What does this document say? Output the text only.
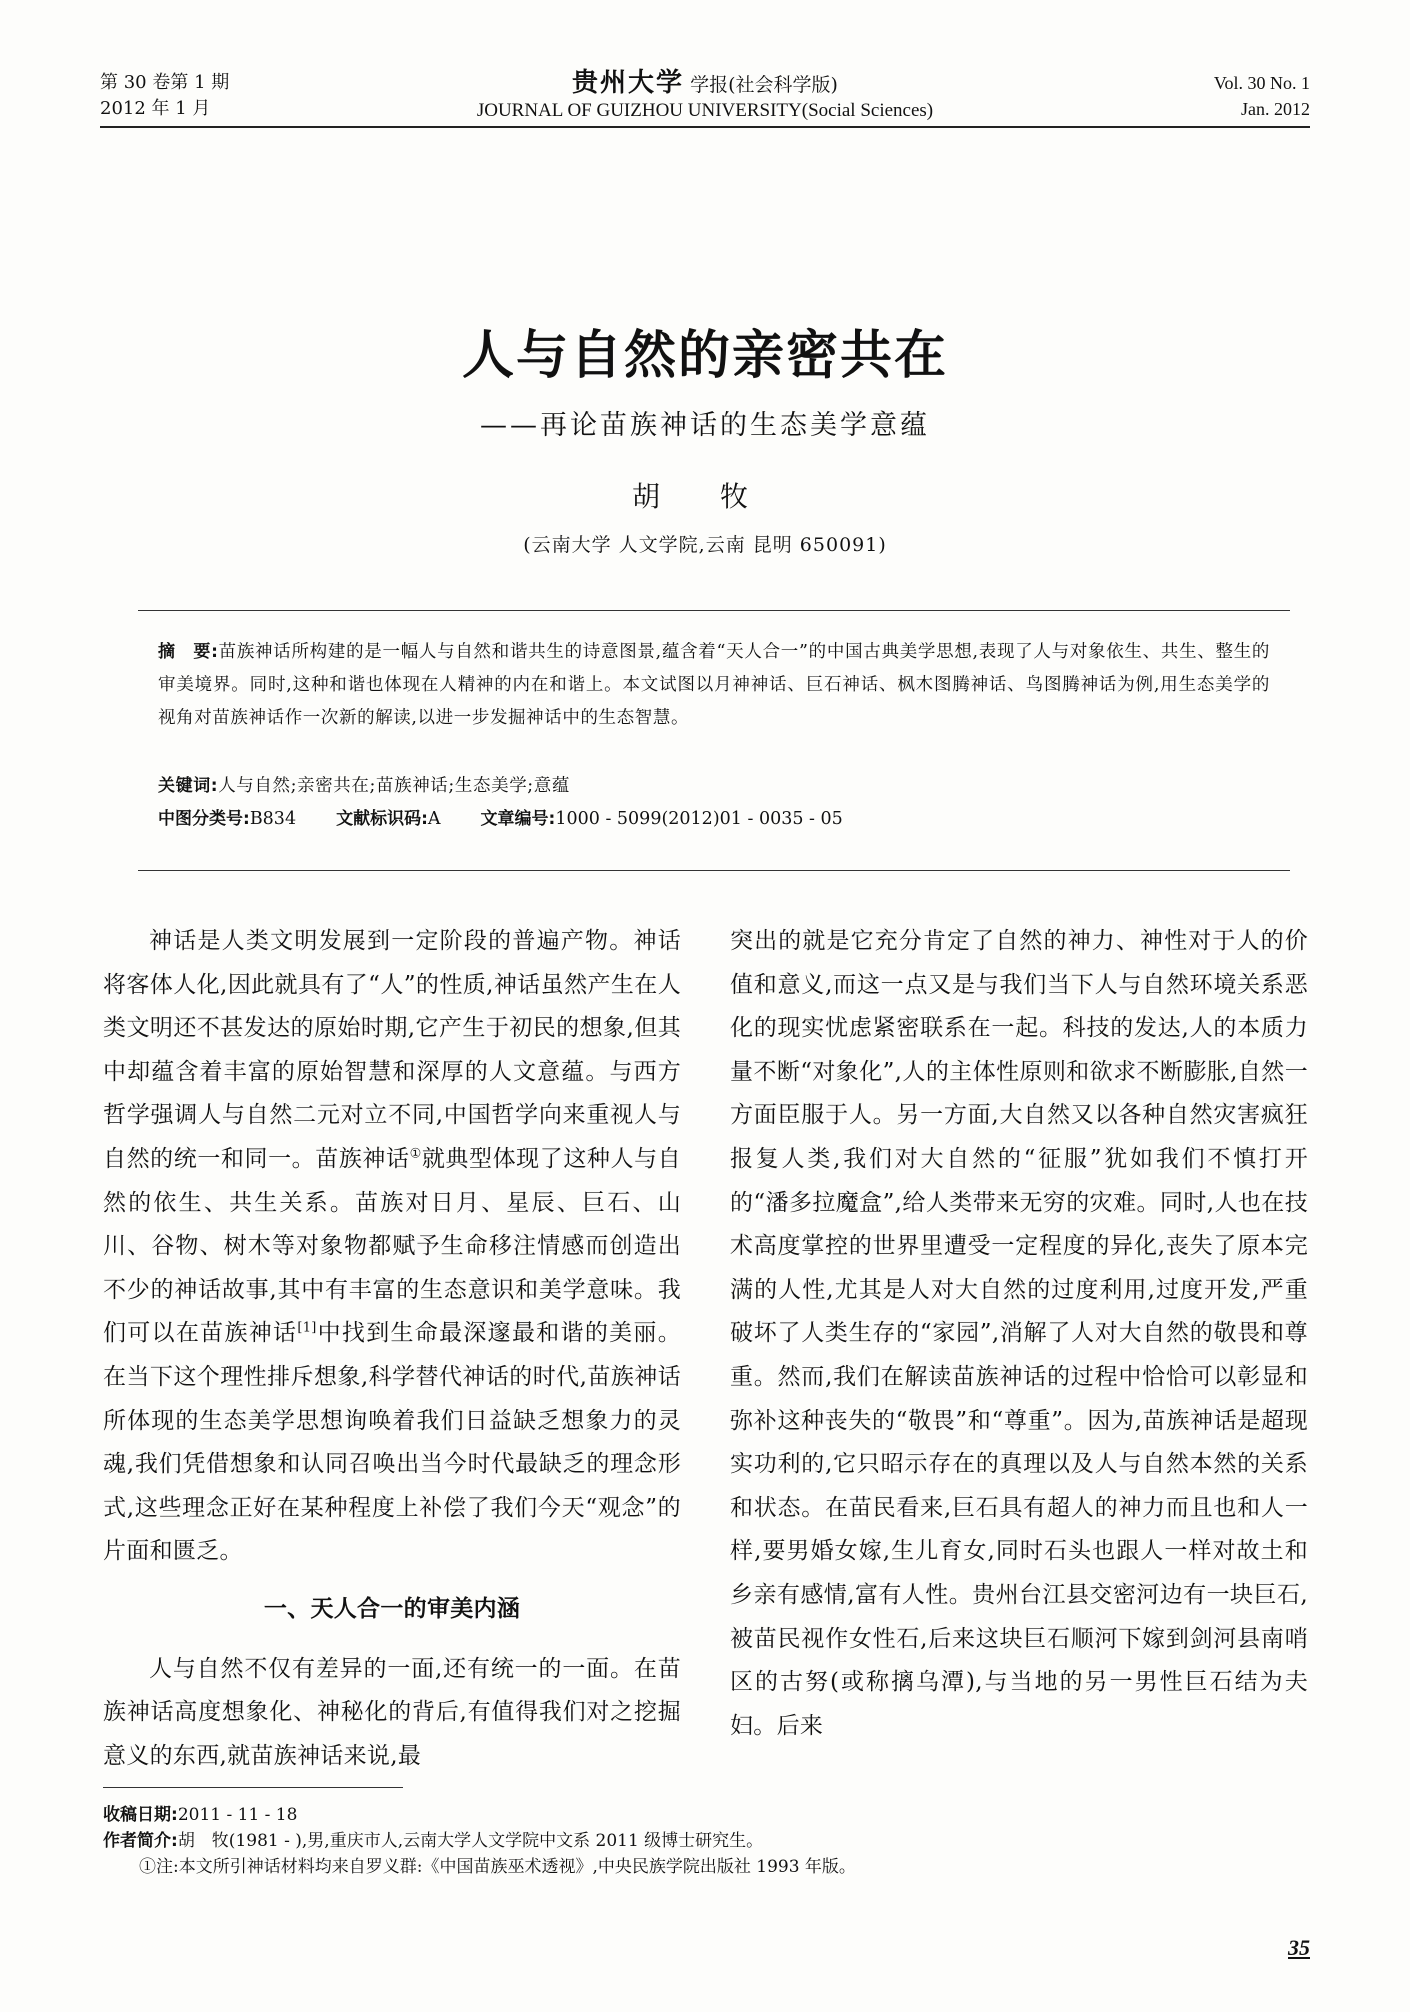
第 30 卷第 1 期
2012 年 1 月
贵州大学 学报(社会科学版)
JOURNAL OF GUIZHOU UNIVERSITY(Social Sciences)
Vol. 30 No. 1
Jan. 2012
人与自然的亲密共在
——再论苗族神话的生态美学意蕴
胡牧
(云南大学 人文学院,云南 昆明 650091)
摘　要:苗族神话所构建的是一幅人与自然和谐共生的诗意图景,蕴含着“天人合一”的中国古典美学思想,表现了人与对象依生、共生、整生的审美境界。同时,这种和谐也体现在人精神的内在和谐上。本文试图以月神神话、巨石神话、枫木图腾神话、鸟图腾神话为例,用生态美学的视角对苗族神话作一次新的解读,以进一步发掘神话中的生态智慧。
关键词:人与自然;亲密共在;苗族神话;生态美学;意蕴
中图分类号:B834 文献标识码:A 文章编号:1000 - 5099(2012)01 - 0035 - 05

神话是人类文明发展到一定阶段的普遍产物。神话将客体人化,因此就具有了“人”的性质,神话虽然产生在人类文明还不甚发达的原始时期,它产生于初民的想象,但其中却蕴含着丰富的原始智慧和深厚的人文意蕴。与西方哲学强调人与自然二元对立不同,中国哲学向来重视人与自然的统一和同一。苗族神话①就典型体现了这种人与自然的依生、共生关系。苗族对日月、星辰、巨石、山川、谷物、树木等对象物都赋予生命移注情感而创造出不少的神话故事,其中有丰富的生态意识和美学意味。我们可以在苗族神话[1]中找到生命最深邃最和谐的美丽。在当下这个理性排斥想象,科学替代神话的时代,苗族神话所体现的生态美学思想询唤着我们日益缺乏想象力的灵魂,我们凭借想象和认同召唤出当今时代最缺乏的理念形式,这些理念正好在某种程度上补偿了我们今天“观念”的片面和匮乏。

一、天人合一的审美内涵

人与自然不仅有差异的一面,还有统一的一面。在苗族神话高度想象化、神秘化的背后,有值得我们对之挖掘意义的东西,就苗族神话来说,最

突出的就是它充分肯定了自然的神力、神性对于人的价值和意义,而这一点又是与我们当下人与自然环境关系恶化的现实忧虑紧密联系在一起。科技的发达,人的本质力量不断“对象化”,人的主体性原则和欲求不断膨胀,自然一方面臣服于人。另一方面,大自然又以各种自然灾害疯狂报复人类,我们对大自然的“征服”犹如我们不慎打开的“潘多拉魔盒”,给人类带来无穷的灾难。同时,人也在技术高度掌控的世界里遭受一定程度的异化,丧失了原本完满的人性,尤其是人对大自然的过度利用,过度开发,严重破坏了人类生存的“家园”,消解了人对大自然的敬畏和尊重。然而,我们在解读苗族神话的过程中恰恰可以彰显和弥补这种丧失的“敬畏”和“尊重”。因为,苗族神话是超现实功利的,它只昭示存在的真理以及人与自然本然的关系和状态。在苗民看来,巨石具有超人的神力而且也和人一样,要男婚女嫁,生儿育女,同时石头也跟人一样对故土和乡亲有感情,富有人性。贵州台江县交密河边有一块巨石,被苗民视作女性石,后来这块巨石顺河下嫁到剑河县南哨区的古努(或称摛乌潭),与当地的另一男性巨石结为夫妇。后来

收稿日期:2011 - 11 - 18
作者简介:胡　牧(1981 - ),男,重庆市人,云南大学人文学院中文系 2011 级博士研究生。
①注:本文所引神话材料均来自罗义群:《中国苗族巫术透视》,中央民族学院出版社 1993 年版。
35
